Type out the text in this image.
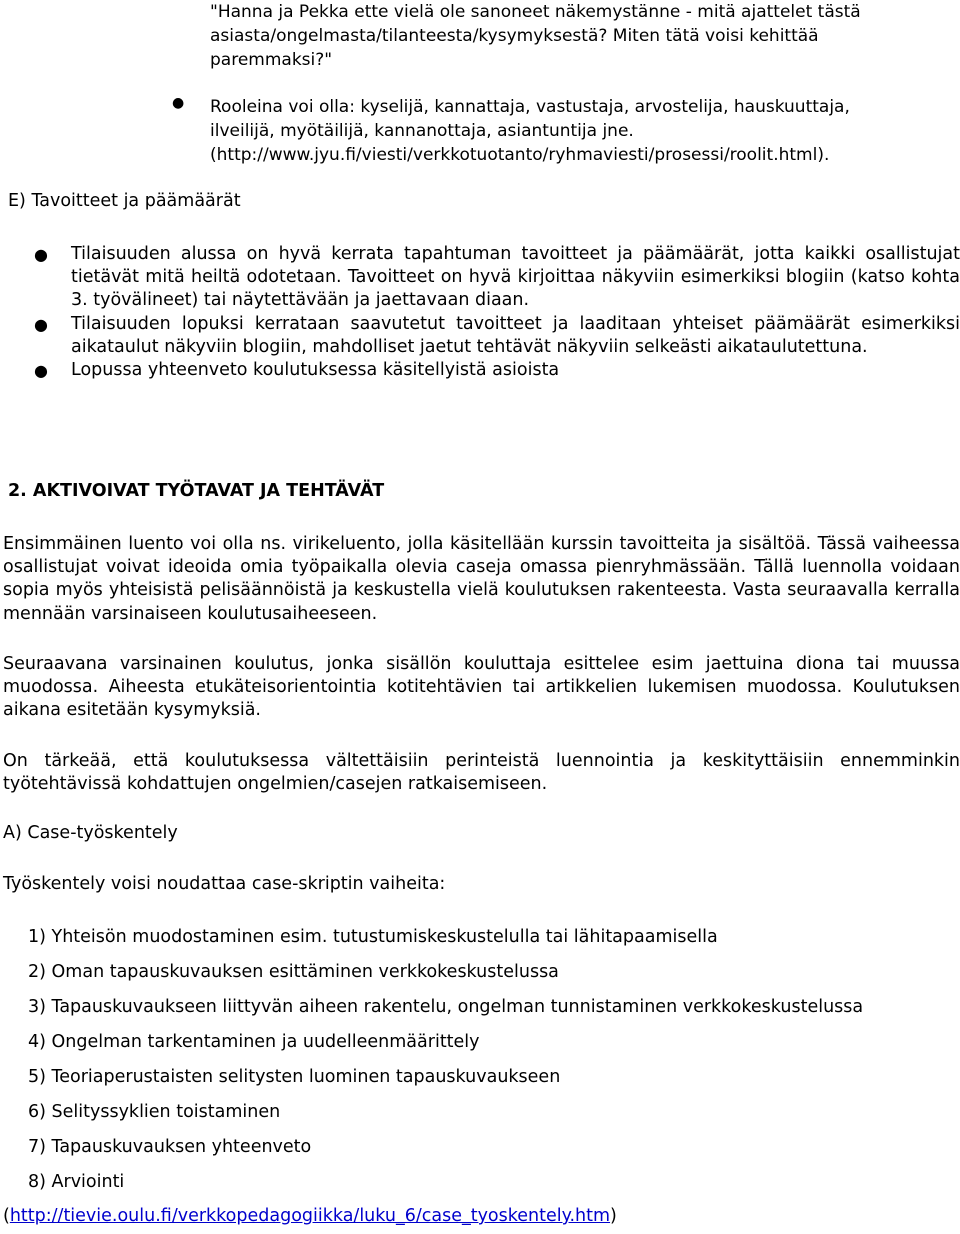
"Hanna ja Pekka ette vielä ole sanoneet näkemystänne - mitä ajattelet tästä

asiasta/ongelmasta/tilanteesta/kysymyksestä? Miten tätä voisi kehittää

paremmaksi?"

● Rooleina voi olla: kyselijä, kannattaja, vastustaja, arvostelija, hauskuuttaja,
ilveilijä, myötäilijä, kannanottaja, asiantuntija jne.
(http://www.jyu.fi/viesti/verkkotuotanto/ryhmaviesti/prosessi/roolit.html).
E) Tavoitteet ja päämäärät
● Tilaisuuden alussa on hyvä kerrata tapahtuman tavoitteet ja päämäärät, jotta kaikki osallistujat tietävät mitä heiltä odotetaan. Tavoitteet on hyvä kirjoittaa näkyviin esimerkiksi blogiin (katso kohta 3. työvälineet) tai näytettävään ja jaettavaan diaan.
● Tilaisuuden lopuksi kerrataan saavutetut tavoitteet ja laaditaan yhteiset päämäärät esimerkiksi aikataulut näkyviin blogiin, mahdolliset jaetut tehtävät näkyviin selkeästi aikataulutettuna.
● Lopussa yhteenveto koulutuksessa käsitellyistä asioista
2. AKTIVOIVAT TYÖTAVAT JA TEHTÄVÄT

Ensimmäinen luento voi olla ns. virikeluento, jolla käsitellään kurssin tavoitteita ja sisältöä. Tässä vaiheessa osallistujat voivat ideoida omia työpaikalla olevia caseja omassa pienryhmässään. Tällä luennolla voidaan sopia myös yhteisistä pelisäännöistä ja keskustella vielä koulutuksen rakenteesta. Vasta seuraavalla kerralla mennään varsinaiseen koulutusaiheeseen.

Seuraavana varsinainen koulutus, jonka sisällön kouluttaja esittelee esim jaettuina diona tai muussa muodossa. Aiheesta etukäteisorientointia kotitehtävien tai artikkelien lukemisen muodossa. Koulutuksen aikana esitetään kysymyksiä.

On tärkeää, että koulutuksessa vältettäisiin perinteistä luennointia ja keskityttäisiin ennemminkin työtehtävissä kohdattujen ongelmien/casejen ratkaisemiseen.

A) Case-työskentely
Työskentely voisi noudattaa case-skriptin vaiheita:
1) Yhteisön muodostaminen esim. tutustumiskeskustelulla tai lähitapaamisella
2) Oman tapauskuvauksen esittäminen verkkokeskustelussa
3) Tapauskuvaukseen liittyvän aiheen rakentelu, ongelman tunnistaminen verkkokeskustelussa
4) Ongelman tarkentaminen ja uudelleenmäärittely
5) Teoriaperustaisten selitysten luominen tapauskuvaukseen
6) Selityssyklien toistaminen
7) Tapauskuvauksen yhteenveto
8) Arviointi
(http://tievie.oulu.fi/verkkopedagogiikka/luku_6/case_tyoskentely.htm)
